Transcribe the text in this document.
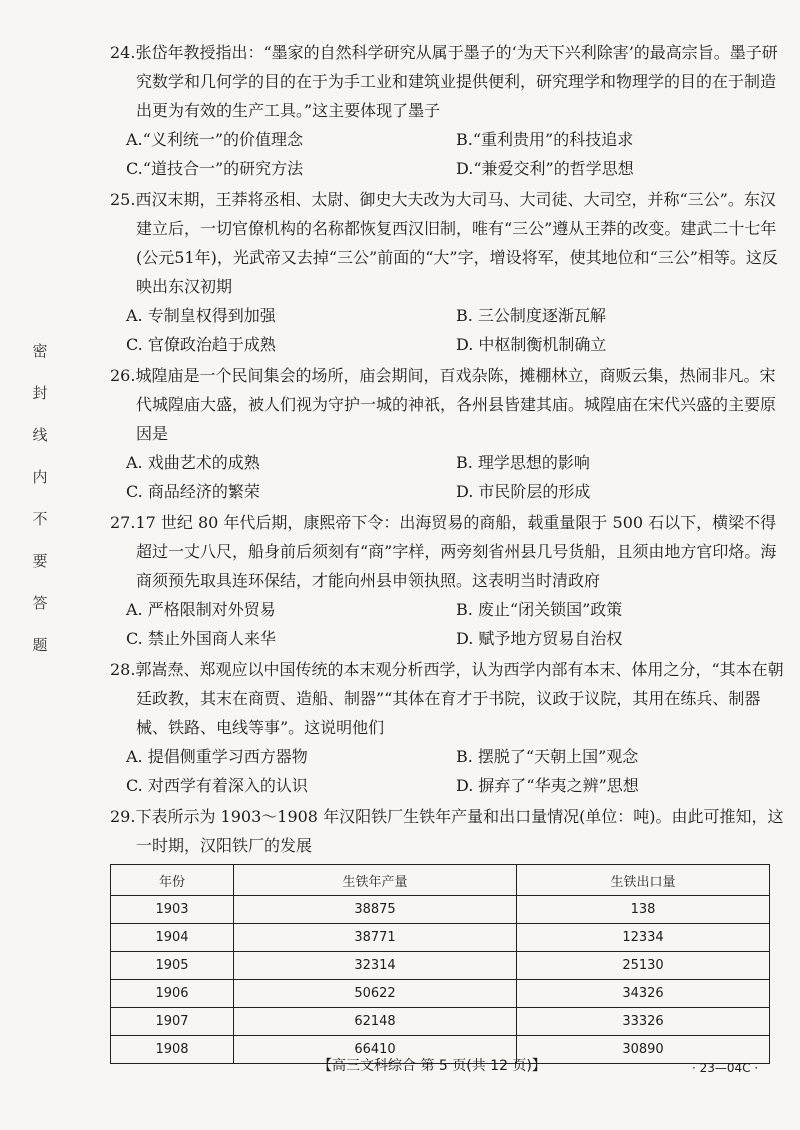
密
封
线
内
不
要
答
题
24.张岱年教授指出：“墨家的自然科学研究从属于墨子的‘为天下兴利除害’的最高宗旨。墨子研究数学和几何学的目的在于为手工业和建筑业提供便利，研究理学和物理学的目的在于制造出更为有效的生产工具。”这主要体现了墨子
A.“义利统一”的价值理念	B.“重利贵用”的科技追求
C.“道技合一”的研究方法	D.“兼爱交利”的哲学思想
25.西汉末期，王莽将丞相、太尉、御史大夫改为大司马、大司徒、大司空，并称“三公”。东汉建立后，一切官僚机构的名称都恢复西汉旧制，唯有“三公”遵从王莽的改变。建武二十七年(公元51年)，光武帝又去掉“三公”前面的“大”字，增设将军，使其地位和“三公”相等。这反映出东汉初期
A. 专制皇权得到加强	B. 三公制度逐渐瓦解
C. 官僚政治趋于成熟	D. 中枢制衡机制确立
26.城隍庙是一个民间集会的场所，庙会期间，百戏杂陈，摊棚林立，商贩云集，热闹非凡。宋代城隍庙大盛，被人们视为守护一城的神祇，各州县皆建其庙。城隍庙在宋代兴盛的主要原因是
A. 戏曲艺术的成熟	B. 理学思想的影响
C. 商品经济的繁荣	D. 市民阶层的形成
27.17 世纪 80 年代后期，康熙帝下令：出海贸易的商船，载重量限于 500 石以下，横梁不得超过一丈八尺，船身前后须刻有“商”字样，两旁刻省州县几号货船，且须由地方官印烙。海商须预先取具连环保结，才能向州县申领执照。这表明当时清政府
A. 严格限制对外贸易	B. 废止“闭关锁国”政策
C. 禁止外国商人来华	D. 赋予地方贸易自治权
28.郭嵩焘、郑观应以中国传统的本末观分析西学，认为西学内部有本末、体用之分，“其本在朝廷政教，其末在商贾、造船、制器”“其体在育才于书院，议政于议院，其用在练兵、制器械、铁路、电线等事”。这说明他们
A. 提倡侧重学习西方器物	B. 摆脱了“天朝上国”观念
C. 对西学有着深入的认识	D. 摒弃了“华夷之辨”思想
29.下表所示为 1903～1908 年汉阳铁厂生铁年产量和出口量情况(单位：吨)。由此可推知，这一时期，汉阳铁厂的发展
年份	生铁年产量	生铁出口量
1903	38875	138
1904	38771	12334
1905	32314	25130
1906	50622	34326
1907	62148	33326
1908	66410	30890
【高三文科综合 第 5 页(共 12 页)】	· 23—04C ·
